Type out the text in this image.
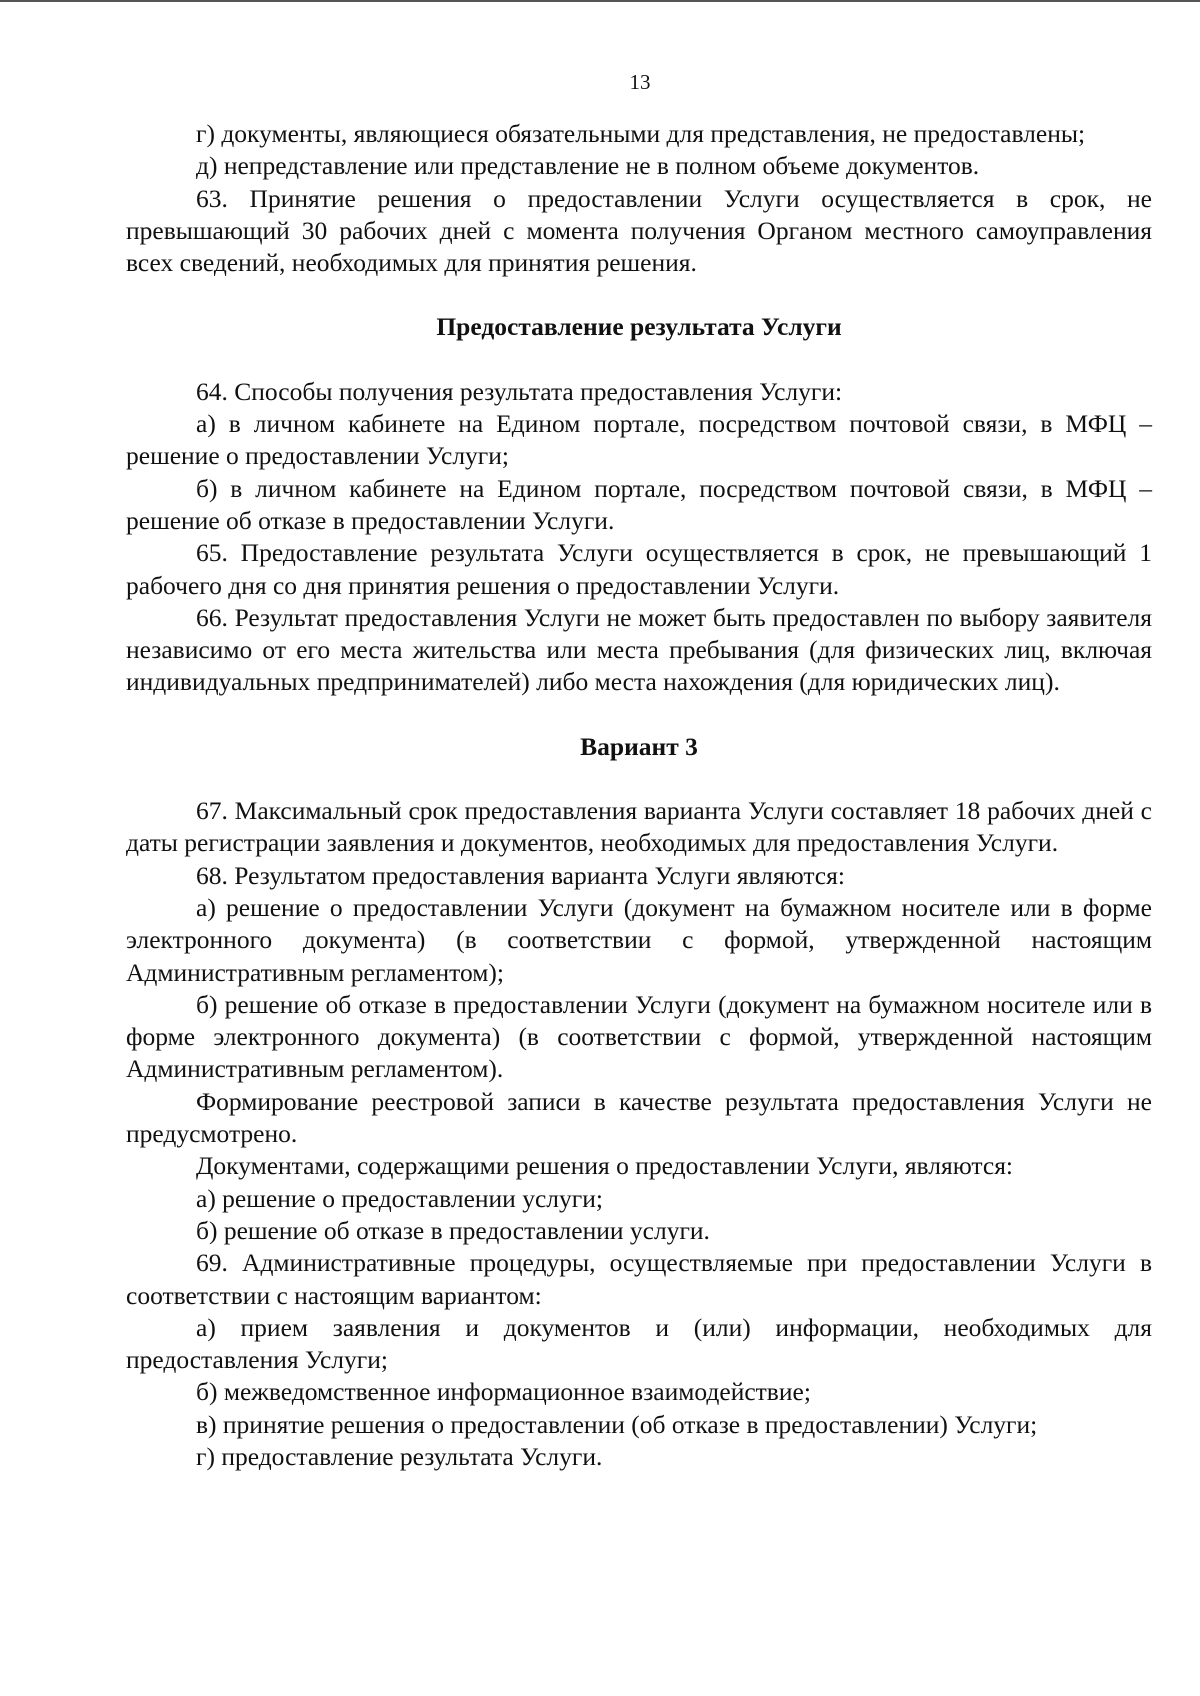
13

г) документы, являющиеся обязательными для представления, не предоставлены;

д) непредставление или представление не в полном объеме документов.

63. Принятие решения о предоставлении Услуги осуществляется в срок, не превышающий 30 рабочих дней с момента получения Органом местного самоуправления всех сведений, необходимых для принятия решения.

Предоставление результата Услуги

64. Способы получения результата предоставления Услуги:

а) в личном кабинете на Едином портале, посредством почтовой связи, в МФЦ – решение о предоставлении Услуги;

б) в личном кабинете на Едином портале, посредством почтовой связи, в МФЦ – решение об отказе в предоставлении Услуги.

65. Предоставление результата Услуги осуществляется в срок, не превышающий 1 рабочего дня со дня принятия решения о предоставлении Услуги.

66. Результат предоставления Услуги не может быть предоставлен по выбору заявителя независимо от его места жительства или места пребывания (для физических лиц, включая индивидуальных предпринимателей) либо места нахождения (для юридических лиц).

Вариант 3

67. Максимальный срок предоставления варианта Услуги составляет 18 рабочих дней с даты регистрации заявления и документов, необходимых для предоставления Услуги.

68. Результатом предоставления варианта Услуги являются:

а) решение о предоставлении Услуги (документ на бумажном носителе или в форме электронного документа) (в соответствии с формой, утвержденной настоящим Административным регламентом);

б) решение об отказе в предоставлении Услуги (документ на бумажном носителе или в форме электронного документа) (в соответствии с формой, утвержденной настоящим Административным регламентом).

Формирование реестровой записи в качестве результата предоставления Услуги не предусмотрено.

Документами, содержащими решения о предоставлении Услуги, являются:

а) решение о предоставлении услуги;

б) решение об отказе в предоставлении услуги.

69. Административные процедуры, осуществляемые при предоставлении Услуги в соответствии с настоящим вариантом:

а) прием заявления и документов и (или) информации, необходимых для предоставления Услуги;

б) межведомственное информационное взаимодействие;

в) принятие решения о предоставлении (об отказе в предоставлении) Услуги;

г) предоставление результата Услуги.
